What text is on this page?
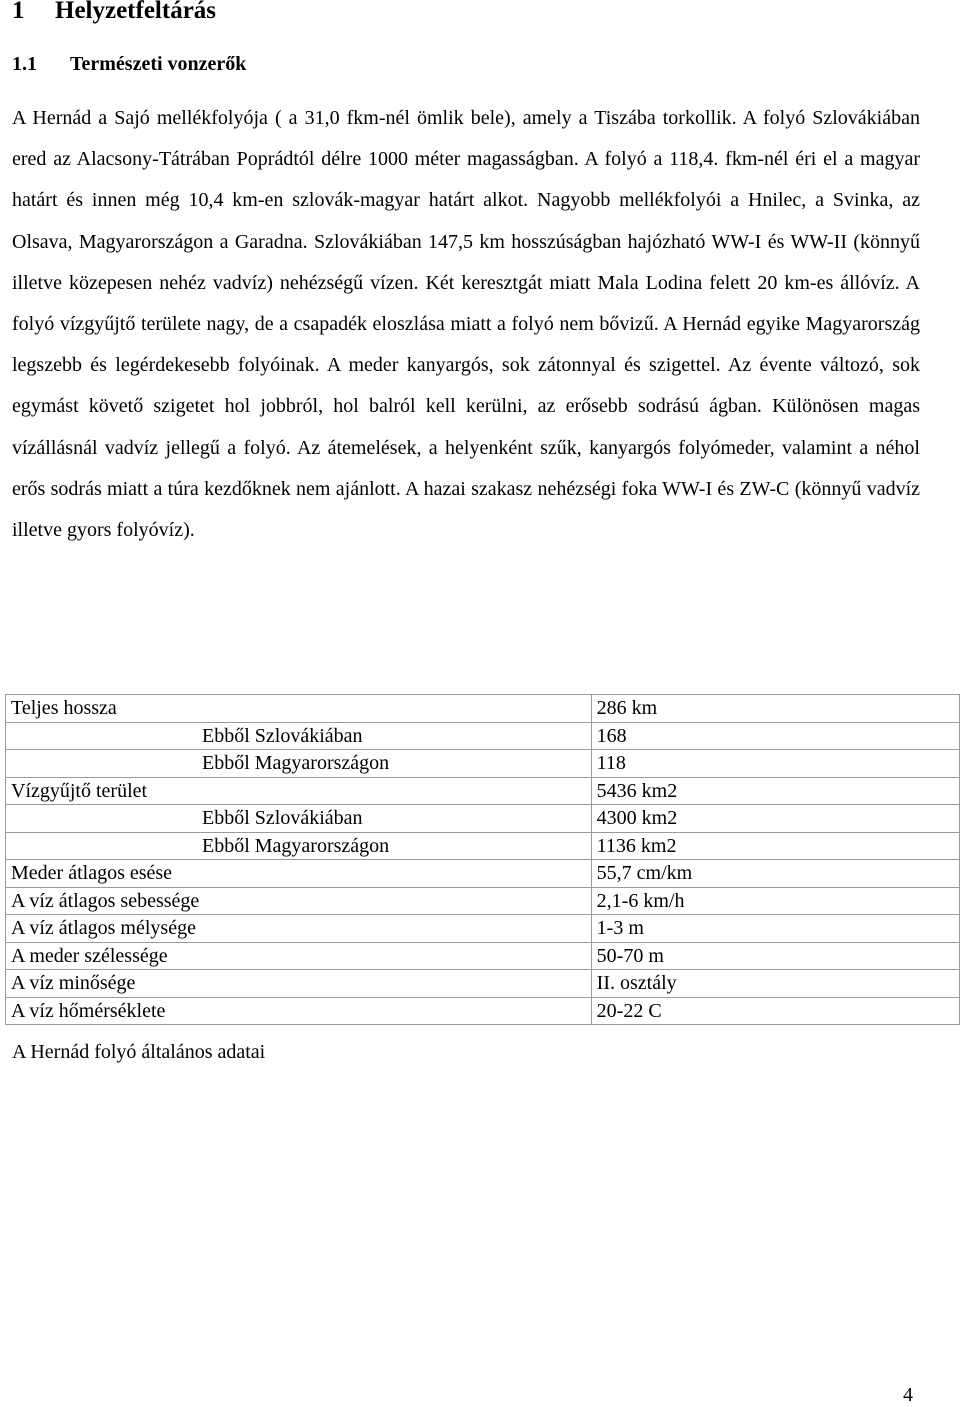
1 Helyzetfeltárás
1.1 Természeti vonzerők

A Hernád a Sajó mellékfolyója ( a 31,0 fkm-nél ömlik bele), amely a Tiszába torkollik. A folyó Szlovákiában ered az Alacsony-Tátrában Poprádtól délre 1000 méter magasságban. A folyó a 118,4. fkm-nél éri el a magyar határt és innen még 10,4 km-en szlovák-magyar határt alkot. Nagyobb mellékfolyói a Hnilec, a Svinka, az Olsava, Magyarországon a Garadna. Szlovákiában 147,5 km hosszúságban hajózható WW-I és WW-II (könnyű illetve közepesen nehéz vadvíz) nehézségű vízen. Két keresztgát miatt Mala Lodina felett 20 km-es állóvíz. A folyó vízgyűjtő területe nagy, de a csapadék eloszlása miatt a folyó nem bővizű. A Hernád egyike Magyarország legszebb és legérdekesebb folyóinak. A meder kanyargós, sok zátonnyal és szigettel. Az évente változó, sok egymást követő szigetet hol jobbról, hol balról kell kerülni, az erősebb sodrású ágban. Különösen magas vízállásnál vadvíz jellegű a folyó. Az átemelések, a helyenként szűk, kanyargós folyómeder, valamint a néhol erős sodrás miatt a túra kezdőknek nem ajánlott. A hazai szakasz nehézségi foka WW-I és ZW-C (könnyű vadvíz illetve gyors folyóvíz).

Teljes hossza	286 km
Ebből Szlovákiában	168
Ebből Magyarországon	118
Vízgyűjtő terület	5436 km2
Ebből Szlovákiában	4300 km2
Ebből Magyarországon	1136 km2
Meder átlagos esése	55,7 cm/km
A víz átlagos sebessége	2,1-6 km/h
A víz átlagos mélysége	1-3 m
A meder szélessége	50-70 m
A víz minősége	II. osztály
A víz hőmérséklete	20-22 C
A Hernád folyó általános adatai
4
